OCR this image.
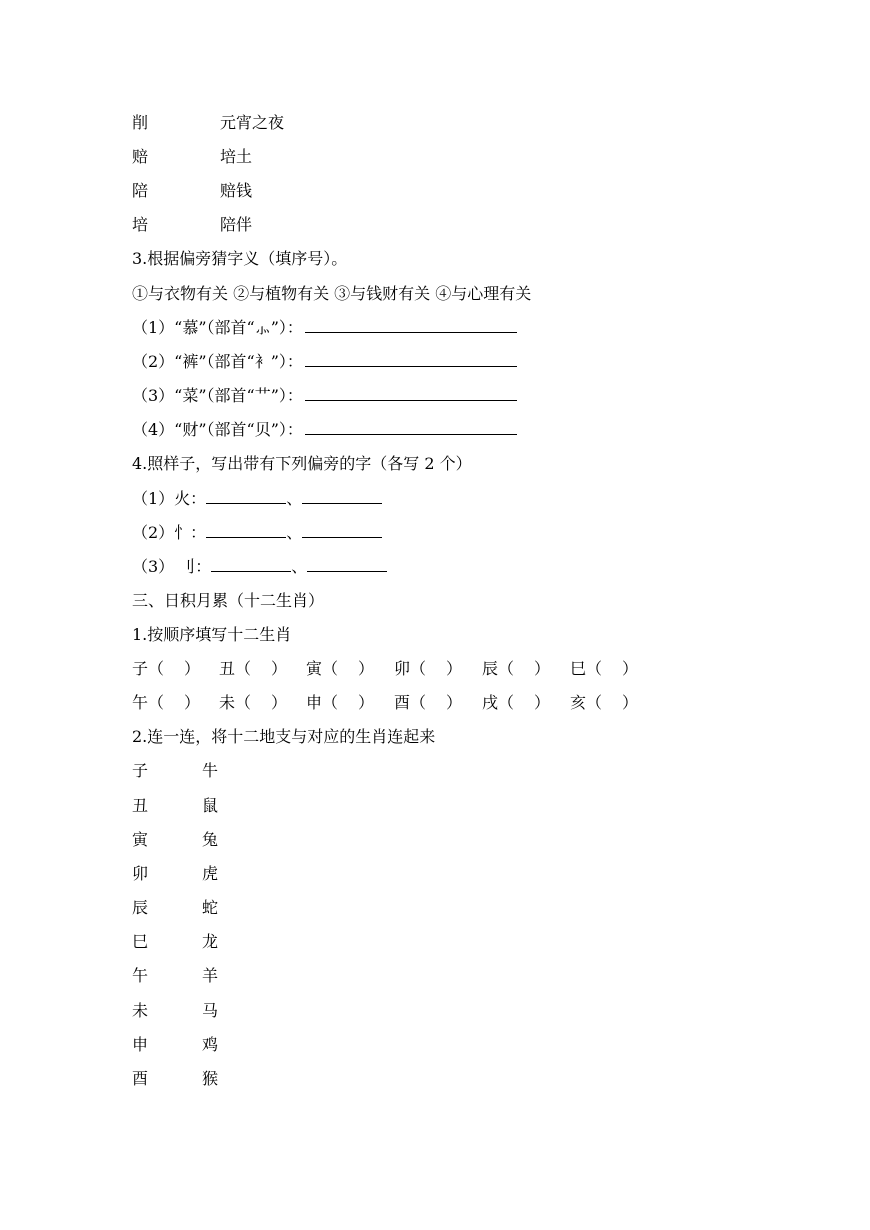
削	元宵之夜
赔	培土
陪	赔钱
培	陪伴
3.根据偏旁猜字义（填序号）。
①与衣物有关 ②与植物有关 ③与钱财有关 ④与心理有关
（1）“慕”（部首“⺗”）：
（2）“裤”（部首“衤”）：
（3）“菜”（部首“艹”）：
（4）“财”（部首“贝”）：
4.照样子，写出带有下列偏旁的字（各写 2 个）
（1）火：	、
（2）忄：	、
（3） 刂：	、
三、日积月累（十二生肖）
1.按顺序填写十二生肖
子（ ） 丑（ ） 寅（ ） 卯（ ） 辰（ ） 巳（ ）
午（ ） 未（ ） 申（ ） 酉（ ） 戌（ ） 亥（ ）
2.连一连，将十二地支与对应的生肖连起来
子	牛
丑	鼠
寅	兔
卯	虎
辰	蛇
巳	龙
午	羊
未	马
申	鸡
酉	猴
